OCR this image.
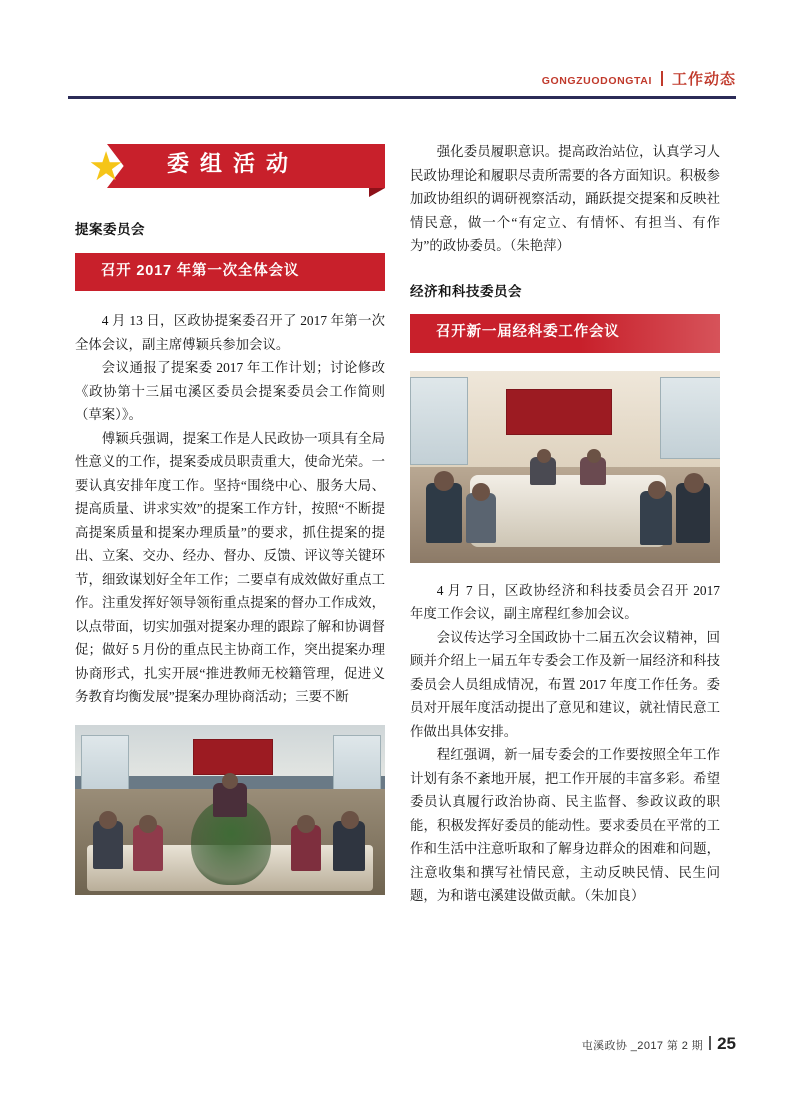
GONGZUODONGTAI 工作动态
★ 委组活动
提案委员会
召开 2017 年第一次全体会议

4 月 13 日，区政协提案委召开了 2017 年第一次全体会议，副主席傅颖兵参加会议。

会议通报了提案委 2017 年工作计划；讨论修改《政协第十三届屯溪区委员会提案委员会工作简则（草案）》。

傅颖兵强调，提案工作是人民政协一项具有全局性意义的工作，提案委成员职责重大，使命光荣。一要认真安排年度工作。坚持“围绕中心、服务大局、提高质量、讲求实效”的提案工作方针，按照“不断提高提案质量和提案办理质量”的要求，抓住提案的提出、立案、交办、经办、督办、反馈、评议等关键环节，细致谋划好全年工作；二要卓有成效做好重点工作。注重发挥好领导领衔重点提案的督办工作成效，以点带面，切实加强对提案办理的跟踪了解和协调督促；做好 5 月份的重点民主协商工作，突出提案办理协商形式，扎实开展“推进教师无校籍管理，促进义务教育均衡发展”提案办理协商活动；三要不断

强化委员履职意识。提高政治站位，认真学习人民政协理论和履职尽责所需要的各方面知识。积极参加政协组织的调研视察活动，踊跃提交提案和反映社情民意，做一个“有定立、有情怀、有担当、有作为”的政协委员。（朱艳萍）

经济和科技委员会
召开新一届经科委工作会议

4 月 7 日，区政协经济和科技委员会召开 2017 年度工作会议，副主席程红参加会议。

会议传达学习全国政协十二届五次会议精神，回顾并介绍上一届五年专委会工作及新一届经济和科技委员会人员组成情况，布置 2017 年度工作任务。委员对开展年度活动提出了意见和建议，就社情民意工作做出具体安排。

程红强调，新一届专委会的工作要按照全年工作计划有条不紊地开展，把工作开展的丰富多彩。希望委员认真履行政治协商、民主监督、参政议政的职能，积极发挥好委员的能动性。要求委员在平常的工作和生活中注意听取和了解身边群众的困难和问题，注意收集和撰写社情民意，主动反映民情、民生问题，为和谐屯溪建设做贡献。（朱加良）

屯溪政协 _2017 第 2 期 25
